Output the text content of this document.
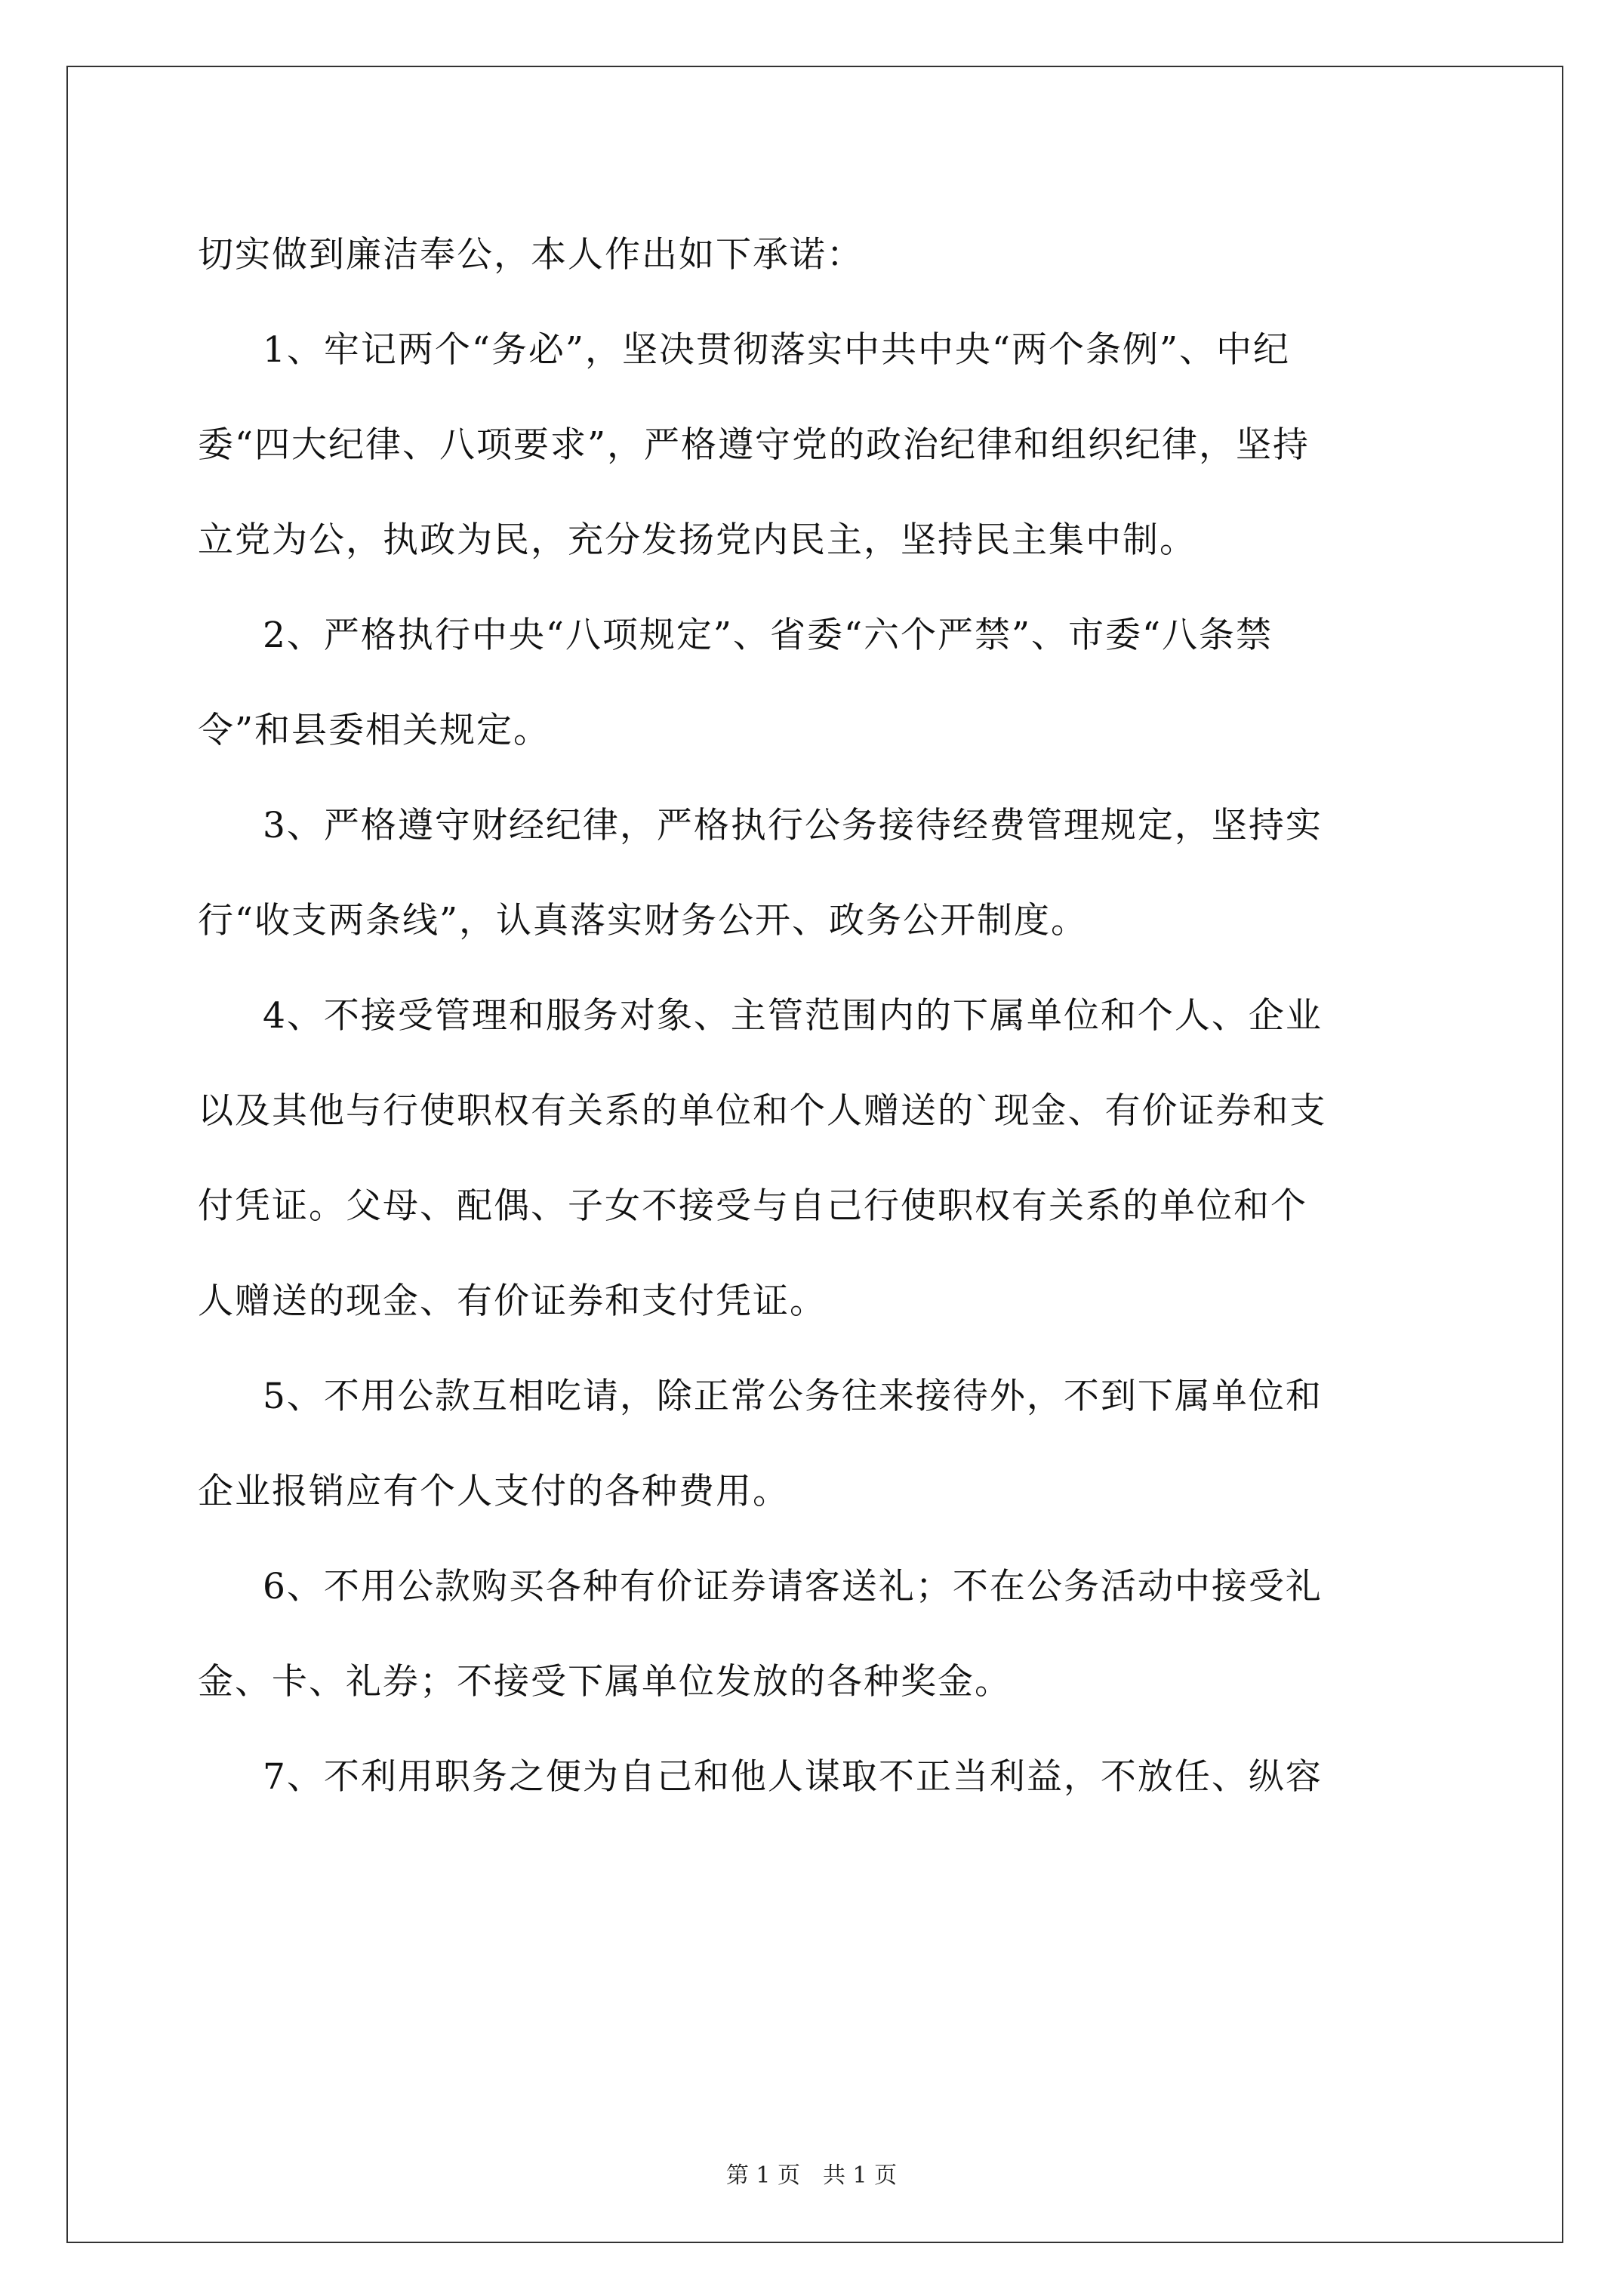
切实做到廉洁奉公，本人作出如下承诺：
1、牢记两个“务必”，坚决贯彻落实中共中央“两个条例”、中纪
委“四大纪律、八项要求”，严格遵守党的政治纪律和组织纪律，坚持
立党为公，执政为民，充分发扬党内民主，坚持民主集中制。
2、严格执行中央“八项规定”、省委“六个严禁”、市委“八条禁
令”和县委相关规定。
3、严格遵守财经纪律，严格执行公务接待经费管理规定，坚持实
行“收支两条线”，认真落实财务公开、政务公开制度。
4、不接受管理和服务对象、主管范围内的下属单位和个人、企业
以及其他与行使职权有关系的单位和个人赠送的`现金、有价证券和支
付凭证。父母、配偶、子女不接受与自己行使职权有关系的单位和个
人赠送的现金、有价证券和支付凭证。
5、不用公款互相吃请，除正常公务往来接待外，不到下属单位和
企业报销应有个人支付的各种费用。
6、不用公款购买各种有价证券请客送礼；不在公务活动中接受礼
金、卡、礼券；不接受下属单位发放的各种奖金。
7、不利用职务之便为自己和他人谋取不正当利益，不放任、纵容
第 1 页　共 1 页
